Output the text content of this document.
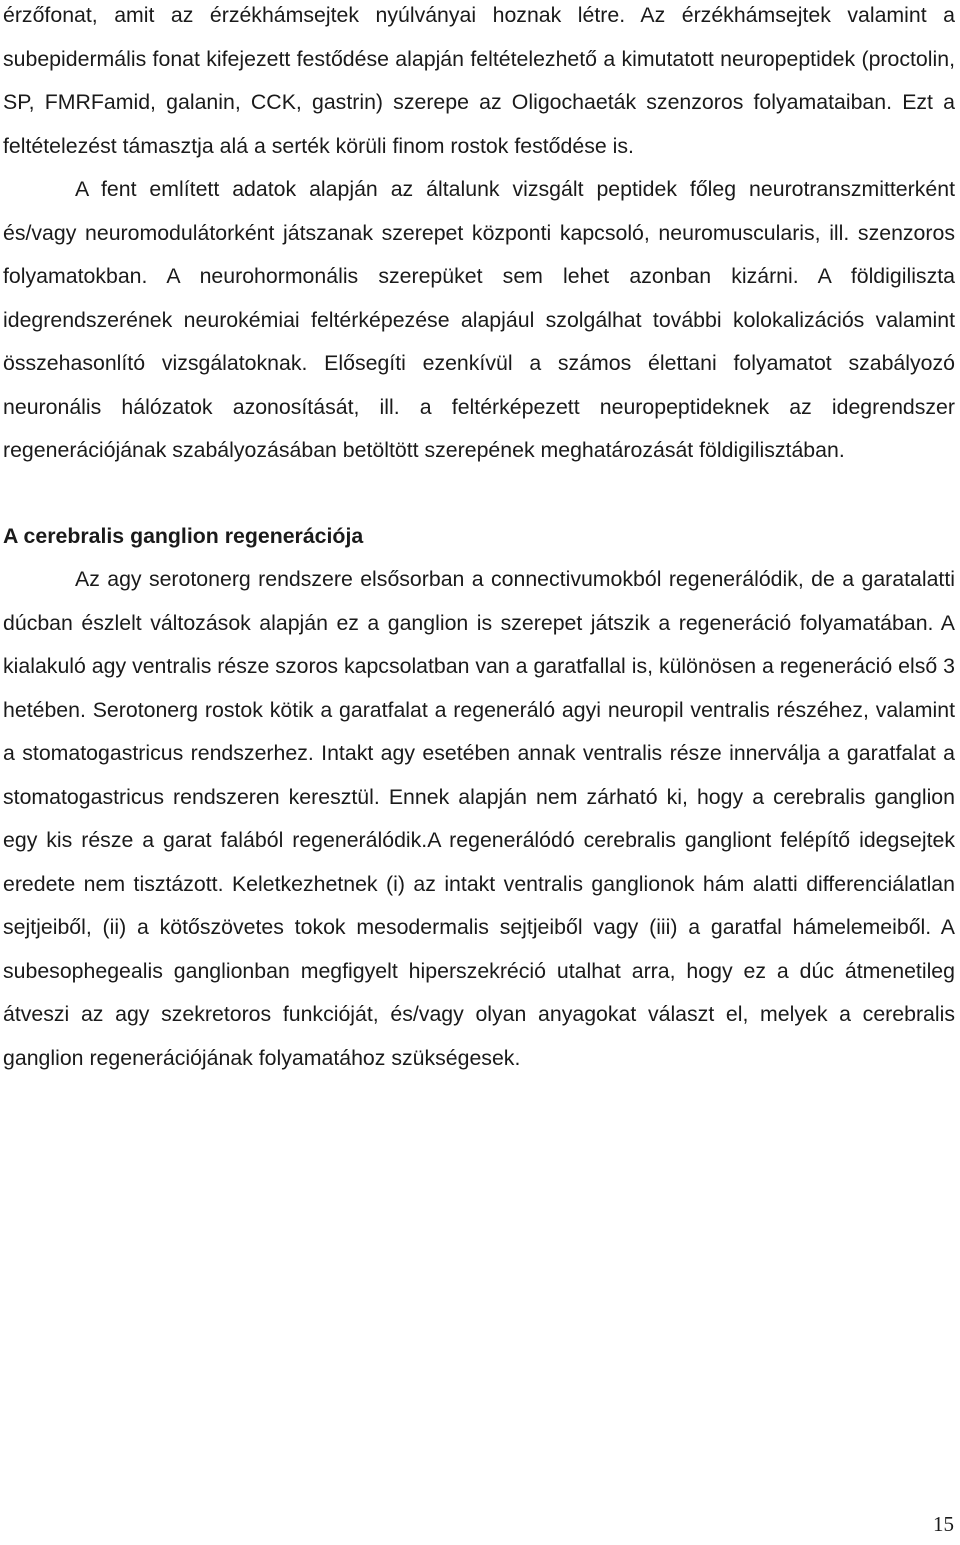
érzőfonat, amit az érzékhámsejtek nyúlványai hoznak létre. Az érzékhámsejtek valamint a subepidermális fonat kifejezett festődése alapján feltételezhető a kimutatott neuropeptidek (proctolin, SP, FMRFamid, galanin, CCK, gastrin) szerepe az Oligochaeták szenzoros folyamataiban. Ezt a feltételezést támasztja alá a serték körüli finom rostok festődése is.

A fent említett adatok alapján az általunk vizsgált peptidek főleg neurotranszmitterként és/vagy neuromodulátorként játszanak szerepet központi kapcsoló, neuromuscularis, ill. szenzoros folyamatokban. A neurohormonális szerepüket sem lehet azonban kizárni. A földigiliszta idegrendszerének neurokémiai feltérképezése alapjául szolgálhat további kolokalizációs valamint összehasonlító vizsgálatoknak. Elősegíti ezenkívül a számos élettani folyamatot szabályozó neuronális hálózatok azonosítását, ill. a feltérképezett neuropeptideknek az idegrendszer regenerációjának szabályozásában betöltött szerepének meghatározását földigilisztában.

A cerebralis ganglion regenerációja

Az agy serotonerg rendszere elsősorban a connectivumokból regenerálódik, de a garatalatti dúcban észlelt változások alapján ez a ganglion is szerepet játszik a regeneráció folyamatában. A kialakuló agy ventralis része szoros kapcsolatban van a garatfallal is, különösen a regeneráció első 3 hetében. Serotonerg rostok kötik a garatfalat a regeneráló agyi neuropil ventralis részéhez, valamint a stomatogastricus rendszerhez. Intakt agy esetében annak ventralis része innerválja a garatfalat a stomatogastricus rendszeren keresztül. Ennek alapján nem zárható ki, hogy a cerebralis ganglion egy kis része a garat falából regenerálódik.A regenerálódó cerebralis gangliont felépítő idegsejtek eredete nem tisztázott. Keletkezhetnek (i) az intakt ventralis ganglionok hám alatti differenciálatlan sejtjeiből, (ii) a kötőszövetes tokok mesodermalis sejtjeiből vagy (iii) a garatfal hámelemeiből. A subesophegealis ganglionban megfigyelt hiperszekréció utalhat arra, hogy ez a dúc átmenetileg átveszi az agy szekretoros funkcióját, és/vagy olyan anyagokat választ el, melyek a cerebralis ganglion regenerációjának folyamatához szükségesek.

15
